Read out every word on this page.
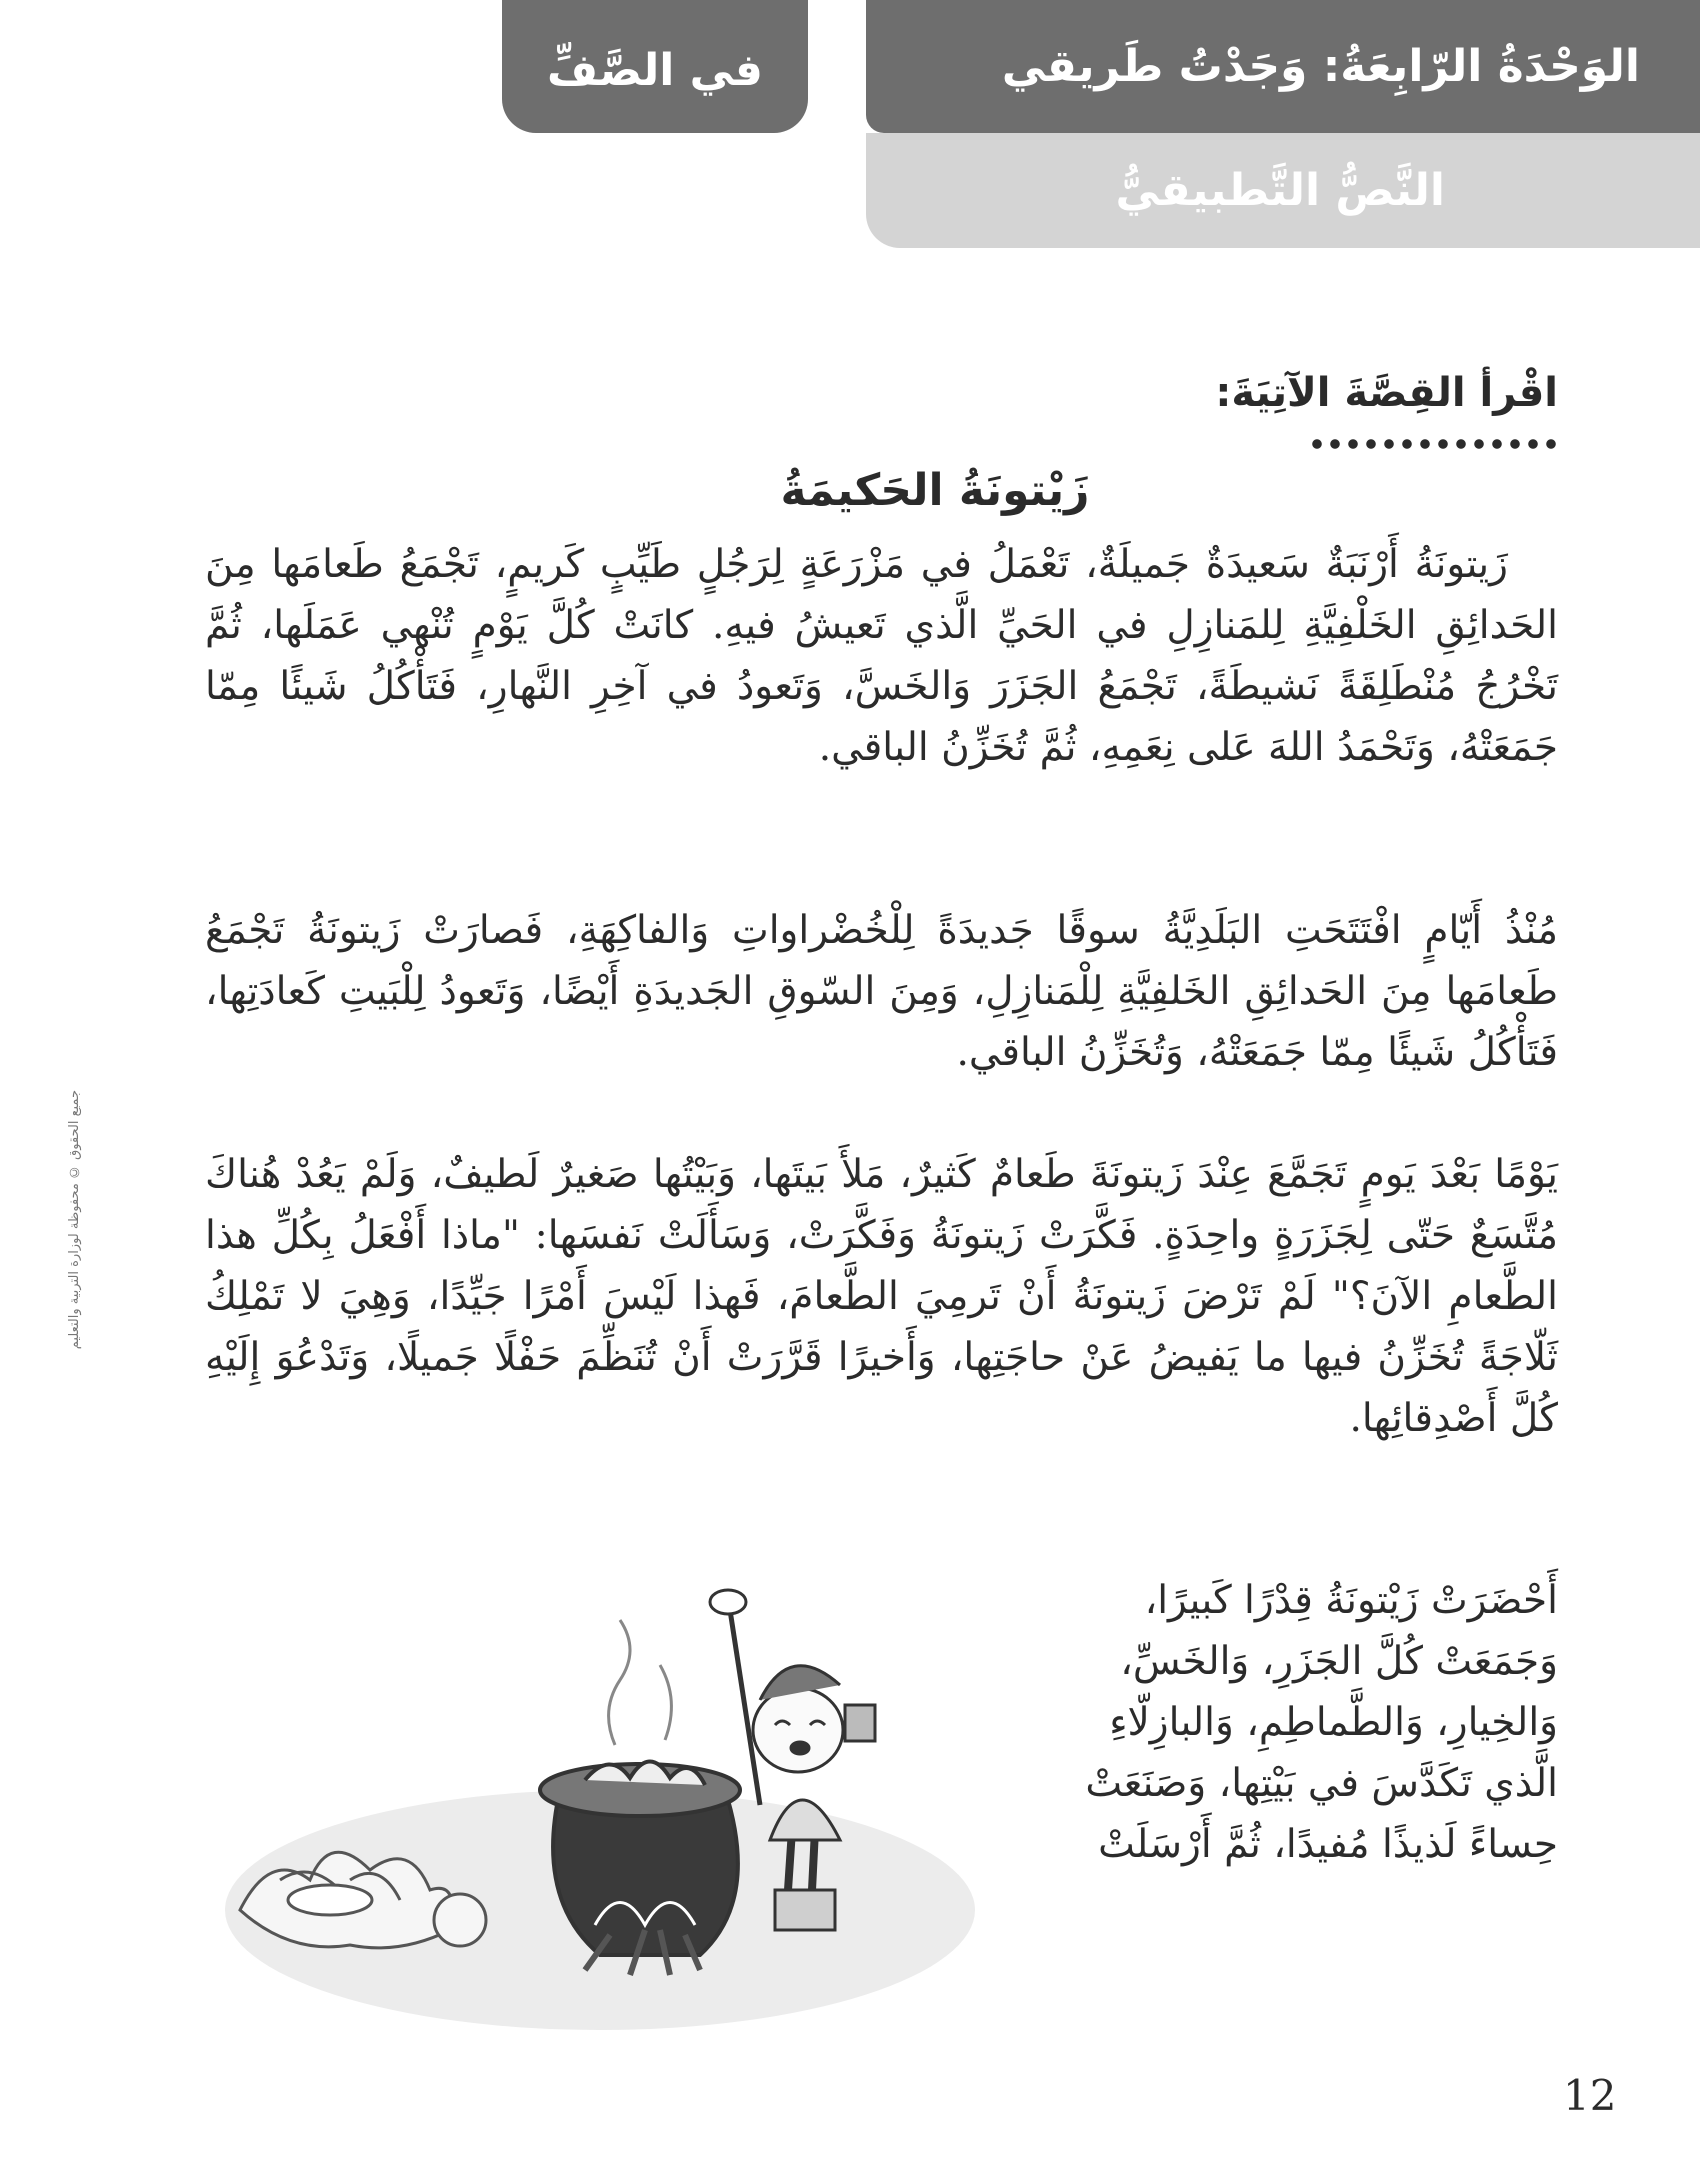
في الصَّفِّ	الوَحْدَةُ الرّابِعَةُ: وَجَدْتُ طَريقي
النَّصُّ التَّطبيقيُّ
جميع الحقوق © محفوظة لوزارة التربية والتعليم
اقْرأ القِصَّةَ الآتِيَةَ:
زَيْتونَةُ الحَكيمَةُ

زَيتونَةُ أَرْنَبَةٌ سَعيدَةٌ جَميلَةٌ، تَعْمَلُ في مَزْرَعَةٍ لِرَجُلٍ طَيِّبٍ كَريمٍ، تَجْمَعُ طَعامَها مِنَ الحَدائِقِ الخَلْفِيَّةِ لِلمَنازِلِ في الحَيِّ الَّذي تَعيشُ فيهِ. كانَتْ كُلَّ يَوْمٍ تُنْهي عَمَلَها، ثُمَّ تَخْرُجُ مُنْطَلِقَةً نَشيطَةً، تَجْمَعُ الجَزَرَ وَالخَسَّ، وَتَعودُ في آخِرِ النَّهارِ، فَتَأْكُلُ شَيئًا مِمّا جَمَعَتْهُ، وَتَحْمَدُ اللهَ عَلى نِعَمِهِ، ثُمَّ تُخَزِّنُ الباقي.

مُنْذُ أَيّامٍ افْتَتَحَتِ البَلَدِيَّةُ سوقًا جَديدَةً لِلْخُضْراواتِ وَالفاكِهَةِ، فَصارَتْ زَيتونَةُ تَجْمَعُ طَعامَها مِنَ الحَدائِقِ الخَلفِيَّةِ لِلْمَنازِلِ، وَمِنَ السّوقِ الجَديدَةِ أَيْضًا، وَتَعودُ لِلْبَيتِ كَعادَتِها، فَتَأْكُلُ شَيئًا مِمّا جَمَعَتْهُ، وَتُخَزِّنُ الباقي.

يَوْمًا بَعْدَ يَومٍ تَجَمَّعَ عِنْدَ زَيتونَةَ طَعامٌ كَثيرٌ، مَلأَ بَيتَها، وَبَيْتُها صَغيرٌ لَطيفٌ، وَلَمْ يَعُدْ هُناكَ مُتَّسَعٌ حَتّى لِجَزَرَةٍ واحِدَةٍ. فَكَّرَتْ زَيتونَةُ وَفَكَّرَتْ، وَسَأَلَتْ نَفسَها: "ماذا أَفْعَلُ بِكُلِّ هذا الطَّعامِ الآنَ؟" لَمْ تَرْضَ زَيتونَةُ أَنْ تَرمِيَ الطَّعامَ، فَهذا لَيْسَ أَمْرًا جَيِّدًا، وَهِيَ لا تَمْلِكُ ثَلّاجَةً تُخَزِّنُ فيها ما يَفيضُ عَنْ حاجَتِها، وَأَخيرًا قَرَّرَتْ أَنْ تُنَظِّمَ حَفْلًا جَميلًا، وَتَدْعُوَ إِلَيْهِ كُلَّ أَصْدِقائِها.

أَحْضَرَتْ زَيْتونَةُ قِدْرًا كَبيرًا،

وَجَمَعَتْ كُلَّ الجَزَرِ، وَالخَسِّ،

وَالخِيارِ، وَالطَّماطِمِ، وَالبازِلّاءِ

الَّذي تَكَدَّسَ في بَيْتِها، وَصَنَعَتْ

حِساءً لَذيذًا مُفيدًا، ثُمَّ أَرْسَلَتْ

12
